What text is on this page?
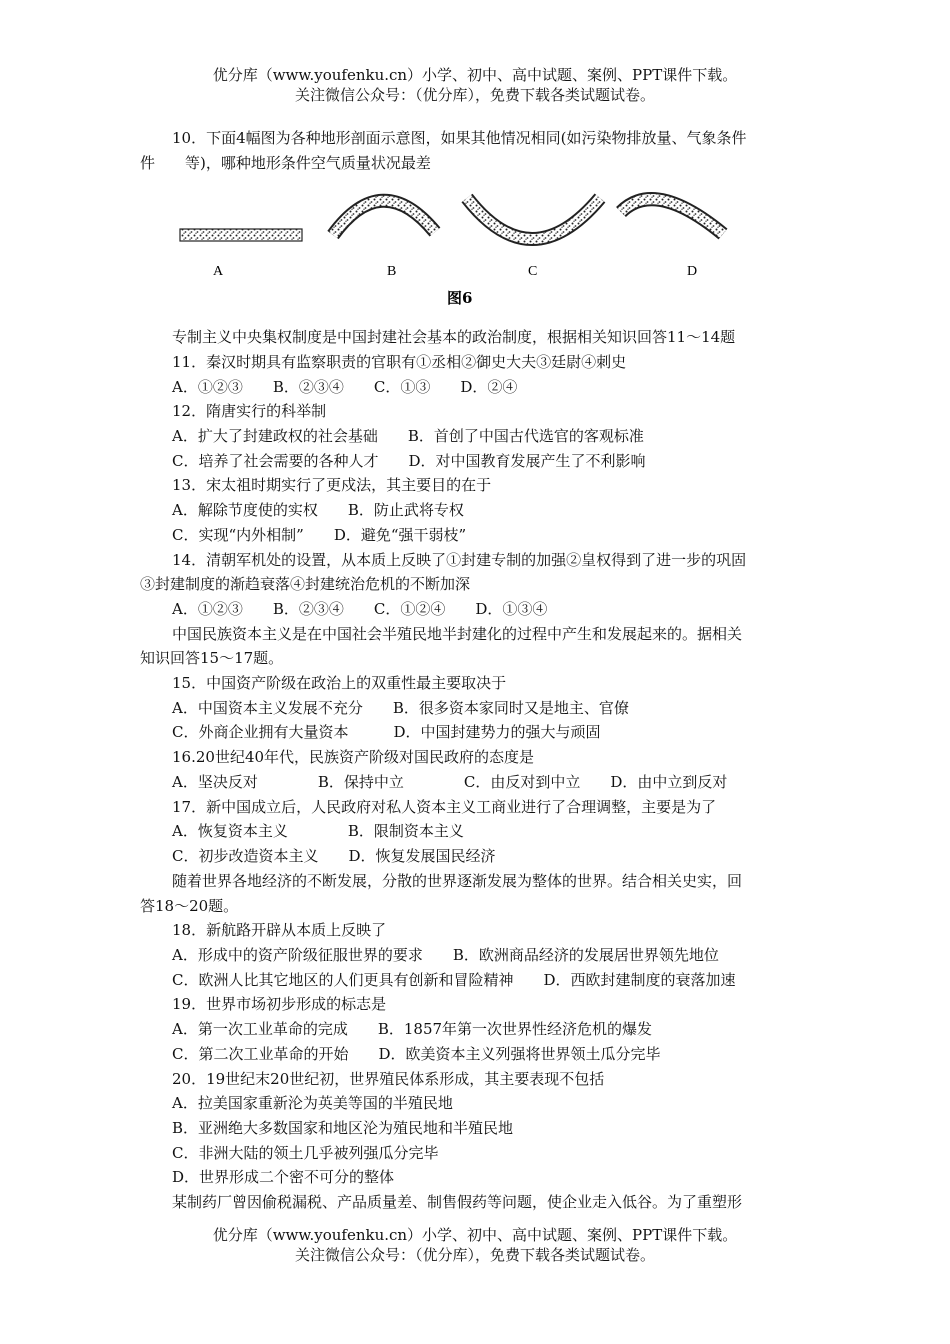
优分库（www.youfenku.cn）小学、初中、高中试题、案例、PPT课件下载。
关注微信公众号：（优分库），免费下载各类试题试卷。
10．下面4幅图为各种地形剖面示意图，如果其他情况相同(如污染物排放量、气象条件
件　　等)，哪种地形条件空气质量状况最差
A	B	C	D
图6
专制主义中央集权制度是中国封建社会基本的政治制度，根据相关知识回答11～14题
11．秦汉时期具有监察职责的官职有①丞相②御史大夫③廷尉④刺史
A．①②③　　B．②③④　　C．①③　　D．②④
12．隋唐实行的科举制
A．扩大了封建政权的社会基础　　B．首创了中国古代选官的客观标准
C．培养了社会需要的各种人才　　D．对中国教育发展产生了不利影响
13．宋太祖时期实行了更戍法，其主要目的在于
A．解除节度使的实权　　B．防止武将专权
C．实现“内外相制”　　D．避免“强干弱枝”
14．清朝军机处的设置，从本质上反映了①封建专制的加强②皇权得到了进一步的巩固
③封建制度的渐趋衰落④封建统治危机的不断加深
A．①②③　　B．②③④　　C．①②④　　D．①③④
中国民族资本主义是在中国社会半殖民地半封建化的过程中产生和发展起来的。据相关
知识回答15～17题。
15．中国资产阶级在政治上的双重性最主要取决于
A．中国资本主义发展不充分　　B．很多资本家同时又是地主、官僚
C．外商企业拥有大量资本　　　D．中国封建势力的强大与顽固
16.20世纪40年代，民族资产阶级对国民政府的态度是
A．坚决反对　　　　B．保持中立　　　　C．由反对到中立　　D．由中立到反对
17．新中国成立后，人民政府对私人资本主义工商业进行了合理调整，主要是为了
A．恢复资本主义　　　　B．限制资本主义
C．初步改造资本主义　　D．恢复发展国民经济
随着世界各地经济的不断发展，分散的世界逐渐发展为整体的世界。结合相关史实，回
答18～20题。
18．新航路开辟从本质上反映了
A．形成中的资产阶级征服世界的要求　　B．欧洲商品经济的发展居世界领先地位
C．欧洲人比其它地区的人们更具有创新和冒险精神　　D．西欧封建制度的衰落加速
19．世界市场初步形成的标志是
A．第一次工业革命的完成　　B．1857年第一次世界性经济危机的爆发
C．第二次工业革命的开始　　D．欧美资本主义列强将世界领土瓜分完毕
20．19世纪末20世纪初，世界殖民体系形成，其主要表现不包括
A．拉美国家重新沦为英美等国的半殖民地
B．亚洲绝大多数国家和地区沦为殖民地和半殖民地
C．非洲大陆的领土几乎被列强瓜分完毕
D．世界形成二个密不可分的整体
某制药厂曾因偷税漏税、产品质量差、制售假药等问题，使企业走入低谷。为了重塑形
优分库（www.youfenku.cn）小学、初中、高中试题、案例、PPT课件下载。
关注微信公众号：（优分库），免费下载各类试题试卷。
